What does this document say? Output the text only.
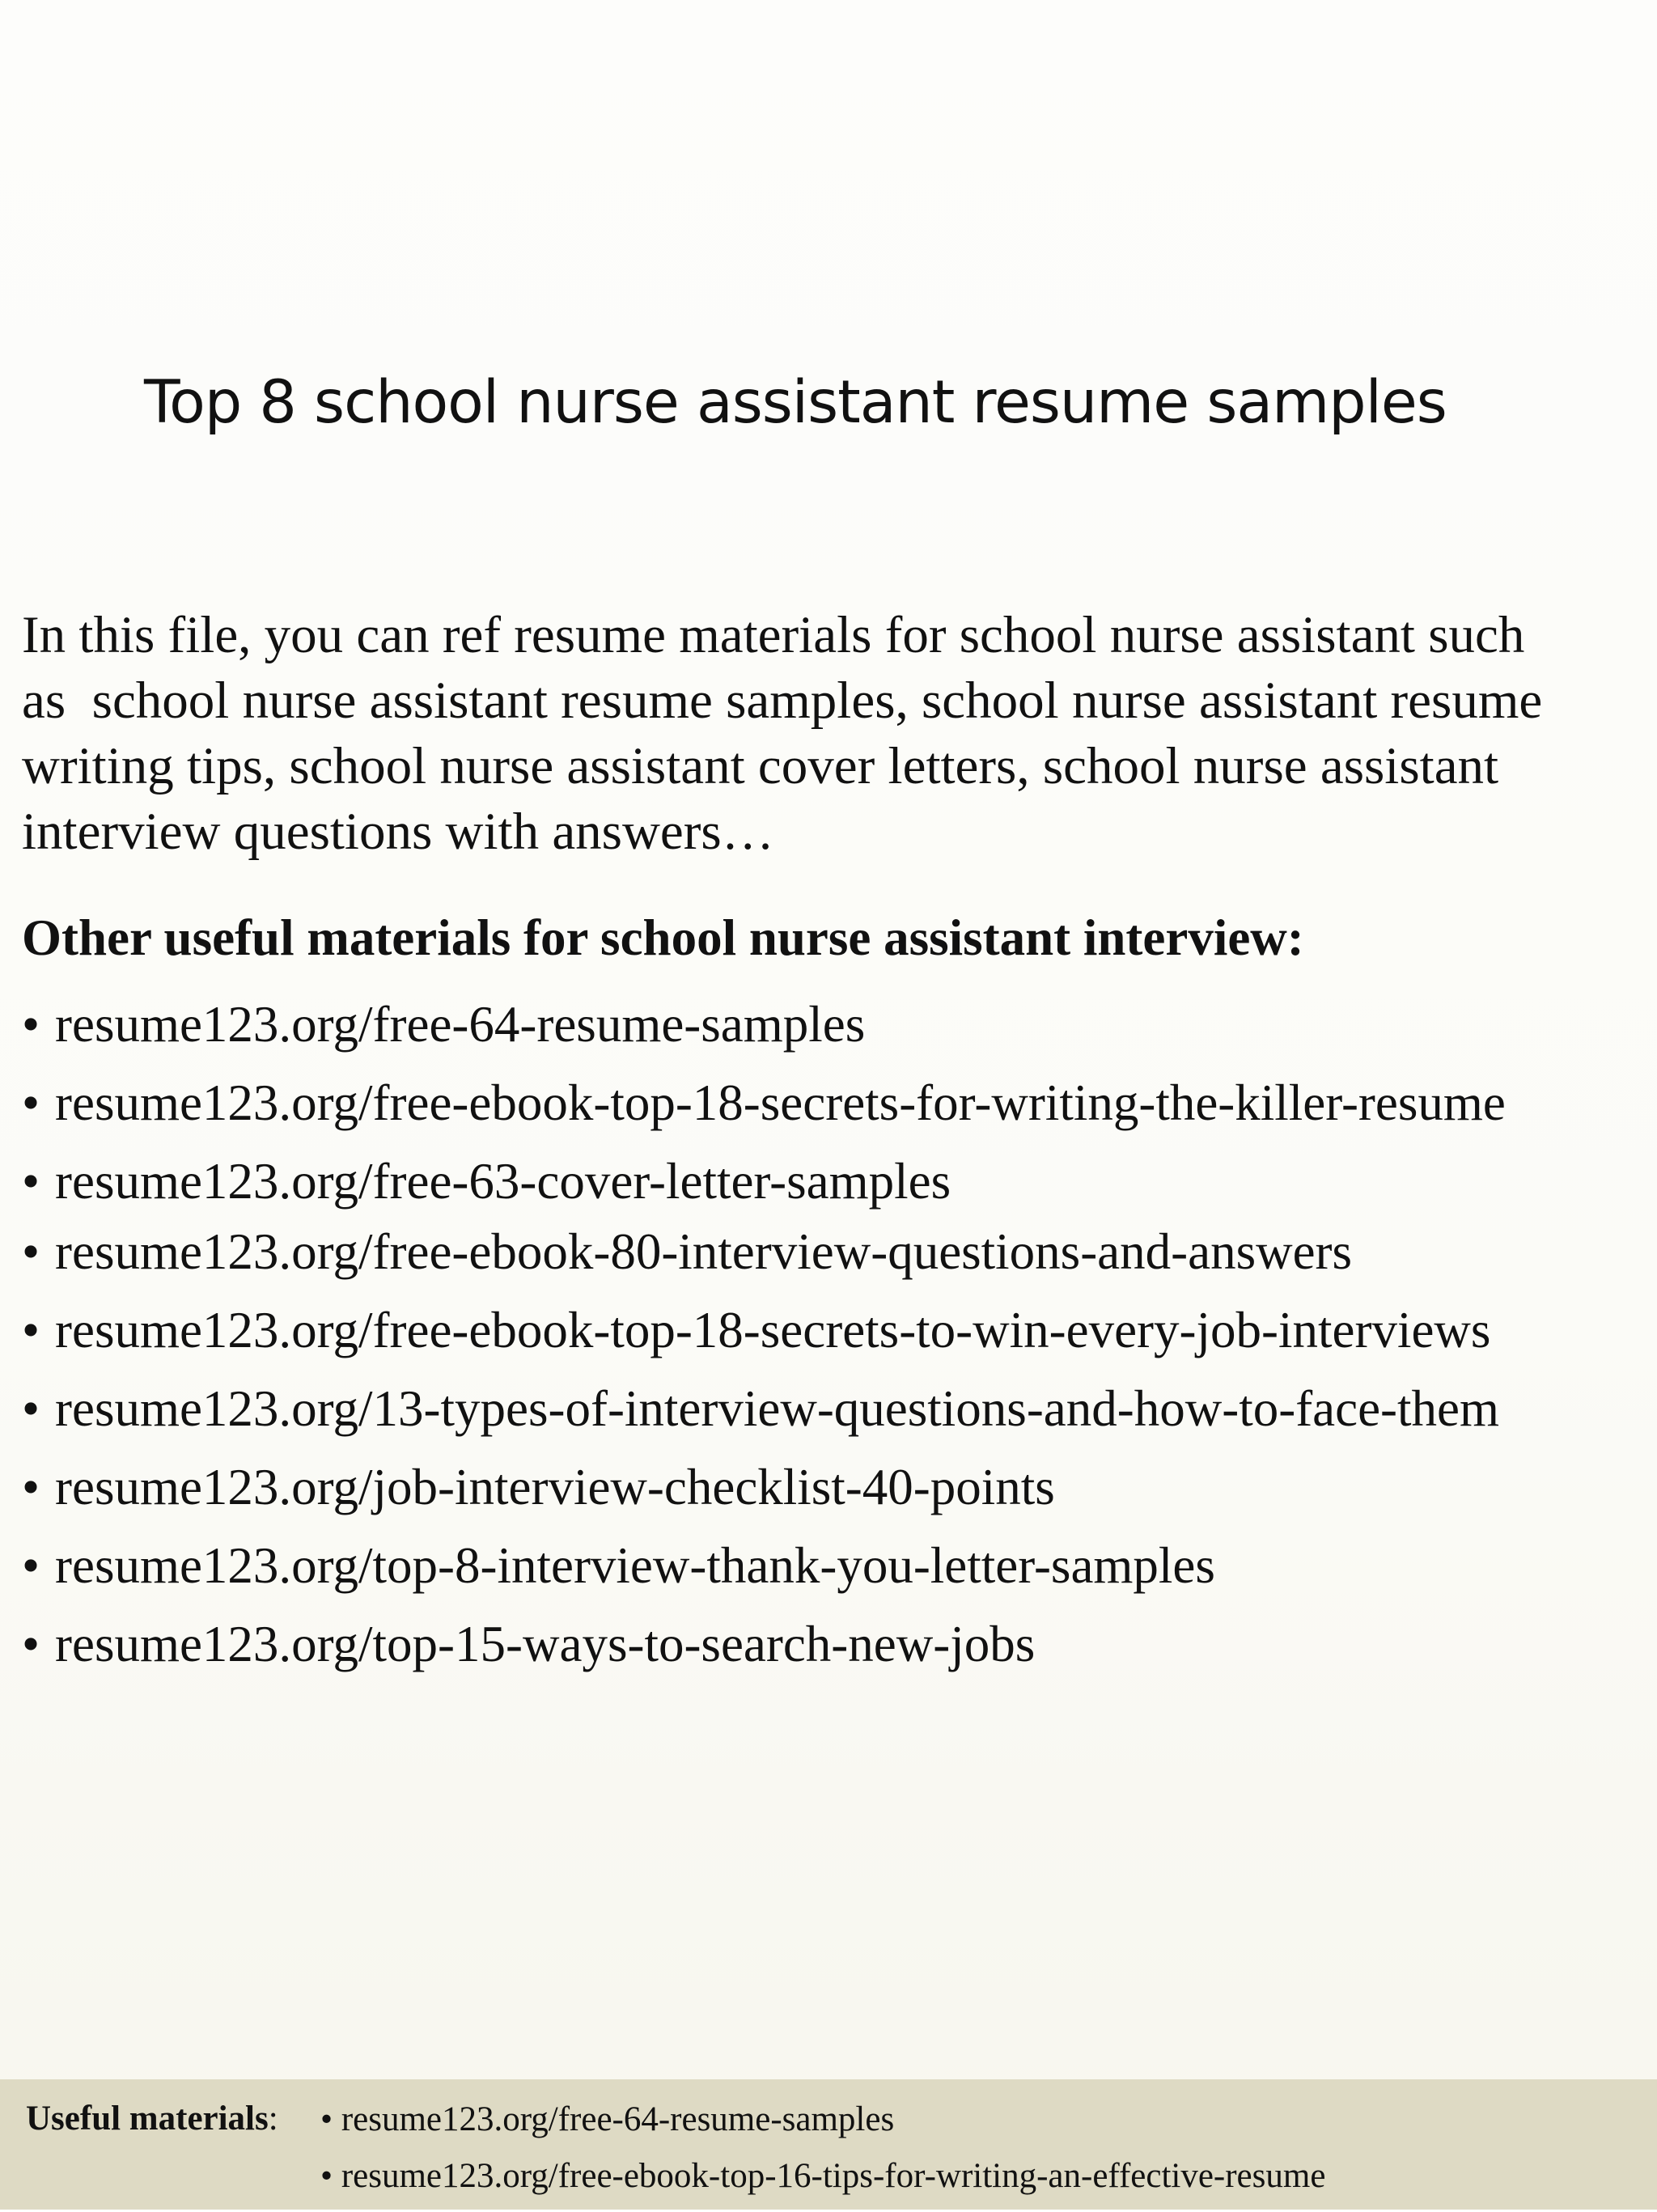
Top 8 school nurse assistant resume samples
In this file, you can ref resume materials for school nurse assistant such
as  school nurse assistant resume samples, school nurse assistant resume
writing tips, school nurse assistant cover letters, school nurse assistant
interview questions with answers…
Other useful materials for school nurse assistant interview:
• resume123.org/free-64-resume-samples
• resume123.org/free-ebook-top-18-secrets-for-writing-the-killer-resume
• resume123.org/free-63-cover-letter-samples
• resume123.org/free-ebook-80-interview-questions-and-answers
• resume123.org/free-ebook-top-18-secrets-to-win-every-job-interviews
• resume123.org/13-types-of-interview-questions-and-how-to-face-them
• resume123.org/job-interview-checklist-40-points
• resume123.org/top-8-interview-thank-you-letter-samples
• resume123.org/top-15-ways-to-search-new-jobs
Useful materials: • resume123.org/free-64-resume-samples
• resume123.org/free-ebook-top-16-tips-for-writing-an-effective-resume
